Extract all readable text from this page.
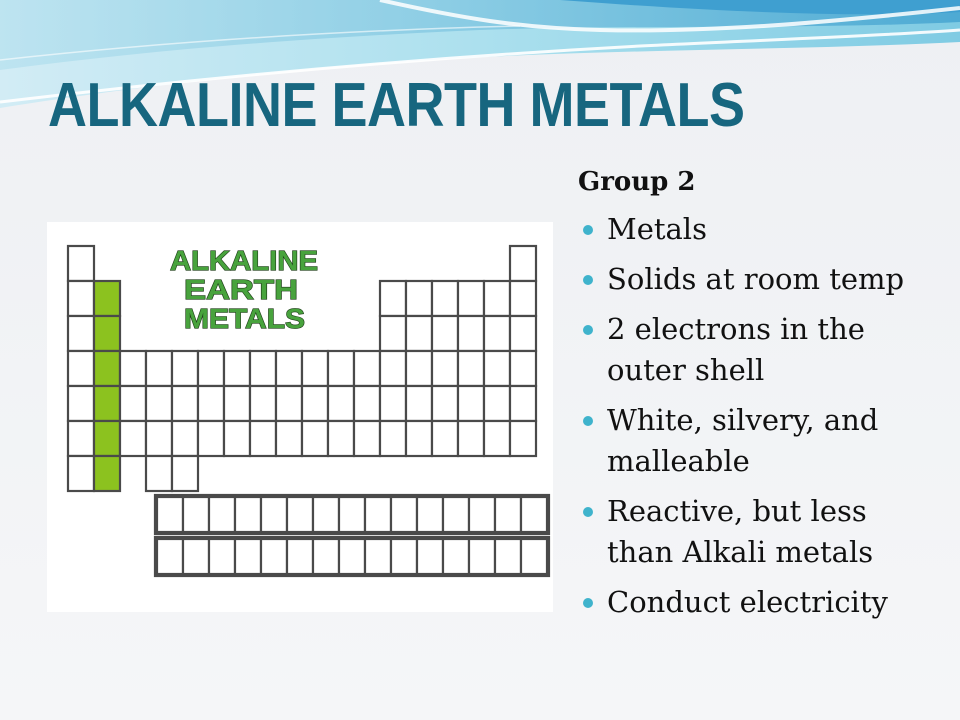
ALKALINE EARTH METALS
ALKALINE
EARTH
METALS

Group 2

Metals
Solids at room temp
2 electrons in the outer shell
White, silvery, and malleable
Reactive, but less than Alkali metals
Conduct electricity
